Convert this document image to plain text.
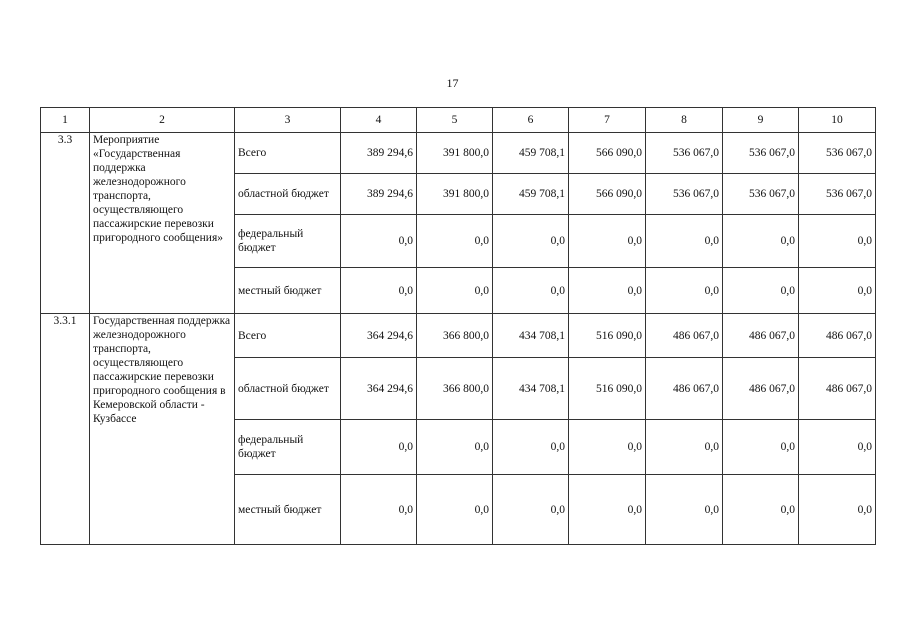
17
1	2	3	4	5	6	7	8	9	10
3.3	Мероприятие «Государственная поддержка железнодорожного транспорта, осуществляющего пассажирские перевозки пригородного сообщения»	Всего	389 294,6	391 800,0	459 708,1	566 090,0	536 067,0	536 067,0	536 067,0
		областной бюджет	389 294,6	391 800,0	459 708,1	566 090,0	536 067,0	536 067,0	536 067,0
		федеральный бюджет	0,0	0,0	0,0	0,0	0,0	0,0	0,0
		местный бюджет	0,0	0,0	0,0	0,0	0,0	0,0	0,0
3.3.1	Государственная поддержка железнодорожного транспорта, осуществляющего пассажирские перевозки пригородного сообщения в Кемеровской области - Кузбассе	Всего	364 294,6	366 800,0	434 708,1	516 090,0	486 067,0	486 067,0	486 067,0
		областной бюджет	364 294,6	366 800,0	434 708,1	516 090,0	486 067,0	486 067,0	486 067,0
		федеральный бюджет	0,0	0,0	0,0	0,0	0,0	0,0	0,0
		местный бюджет	0,0	0,0	0,0	0,0	0,0	0,0	0,0
